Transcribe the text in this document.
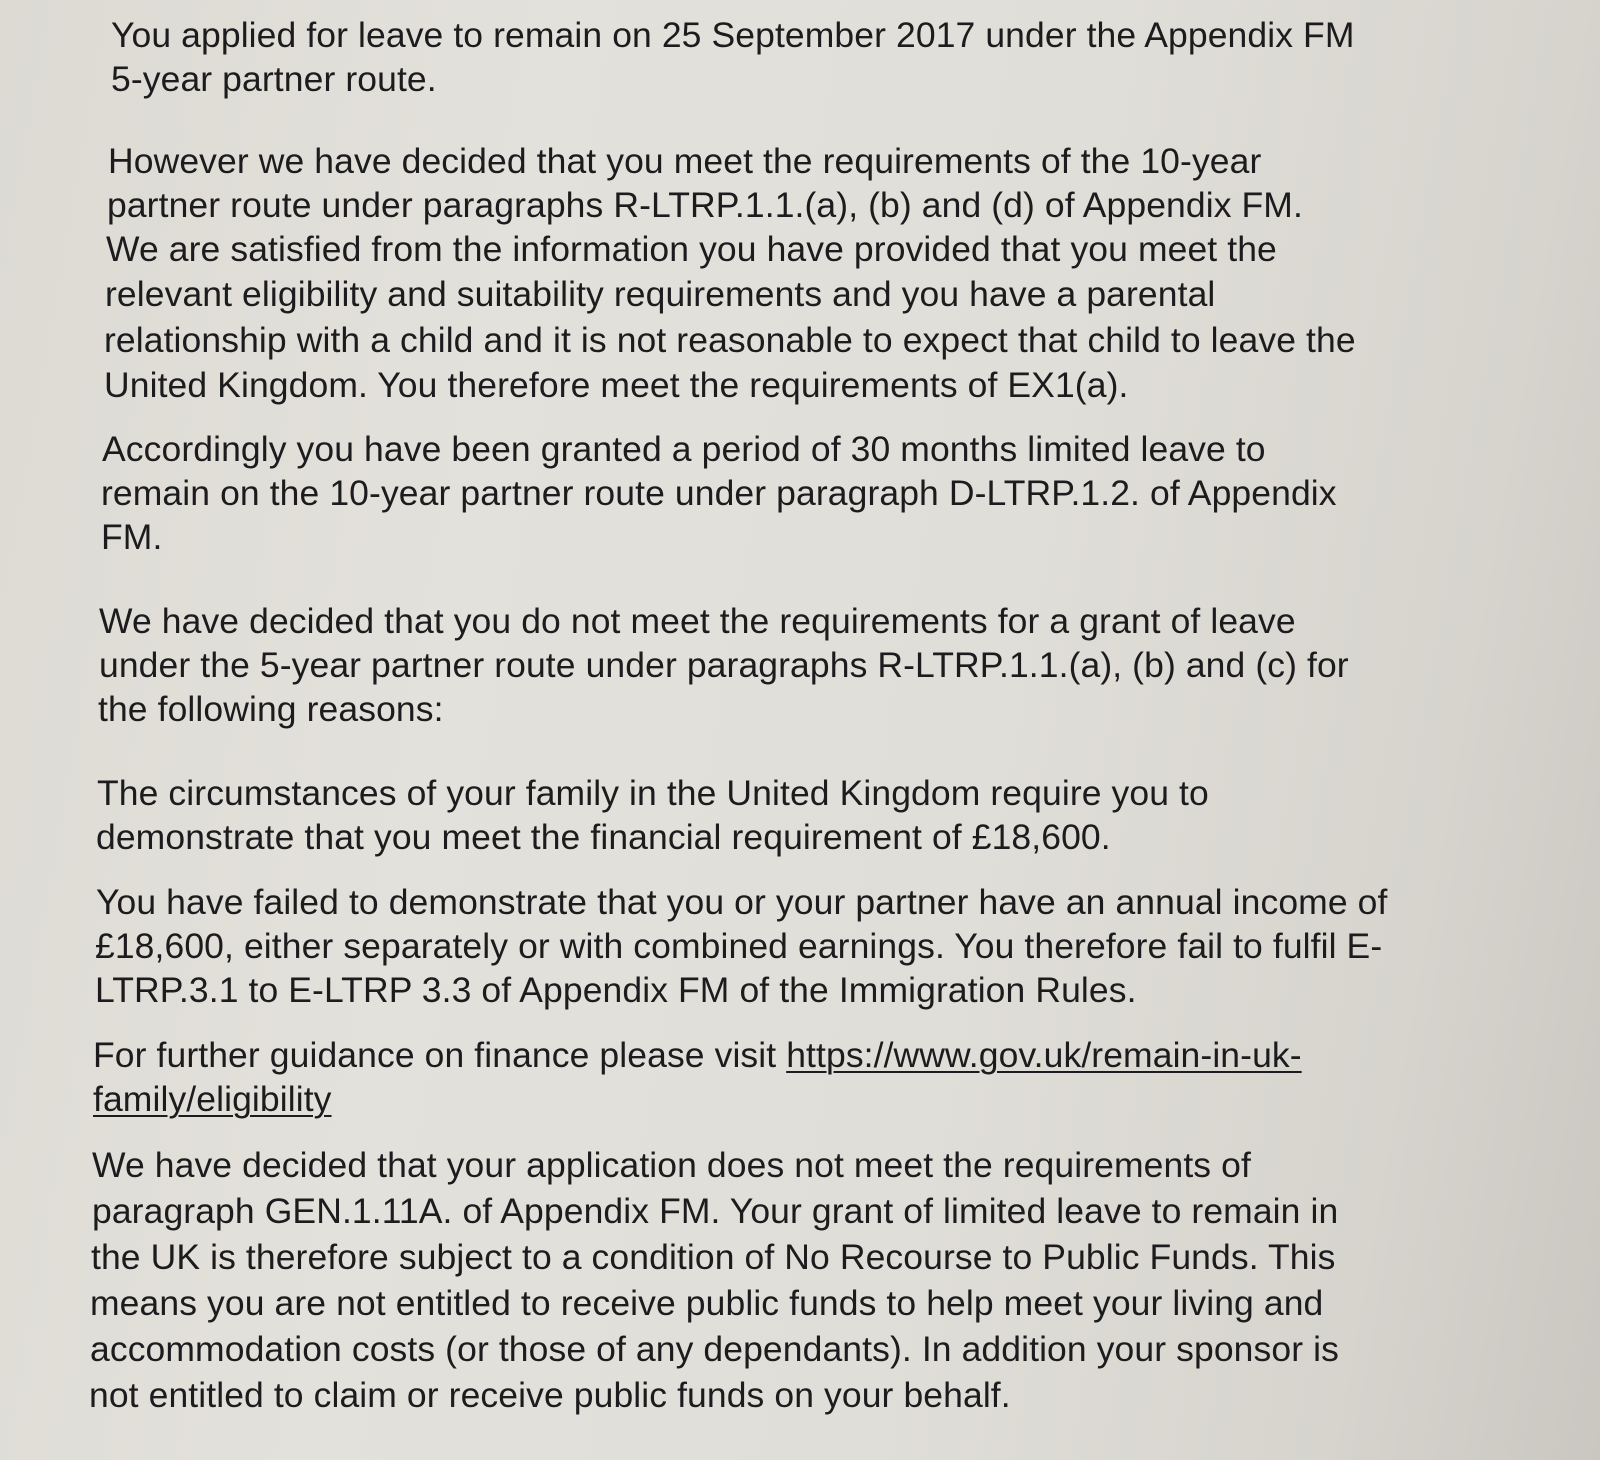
You applied for leave to remain on 25 September 2017 under the Appendix FM
5-year partner route.
However we have decided that you meet the requirements of the 10-year
partner route under paragraphs R-LTRP.1.1.(a), (b) and (d) of Appendix FM.
We are satisfied from the information you have provided that you meet the
relevant eligibility and suitability requirements and you have a parental
relationship with a child and it is not reasonable to expect that child to leave the
United Kingdom. You therefore meet the requirements of EX1(a).
Accordingly you have been granted a period of 30 months limited leave to
remain on the 10-year partner route under paragraph D-LTRP.1.2. of Appendix
FM.
We have decided that you do not meet the requirements for a grant of leave
under the 5-year partner route under paragraphs R-LTRP.1.1.(a), (b) and (c) for
the following reasons:
The circumstances of your family in the United Kingdom require you to
demonstrate that you meet the financial requirement of £18,600.
You have failed to demonstrate that you or your partner have an annual income of
£18,600, either separately or with combined earnings. You therefore fail to fulfil E-
LTRP.3.1 to E-LTRP 3.3 of Appendix FM of the Immigration Rules.
For further guidance on finance please visit https://www.gov.uk/remain-in-uk-
family/eligibility
We have decided that your application does not meet the requirements of
paragraph GEN.1.11A. of Appendix FM. Your grant of limited leave to remain in
the UK is therefore subject to a condition of No Recourse to Public Funds. This
means you are not entitled to receive public funds to help meet your living and
accommodation costs (or those of any dependants). In addition your sponsor is
not entitled to claim or receive public funds on your behalf.
